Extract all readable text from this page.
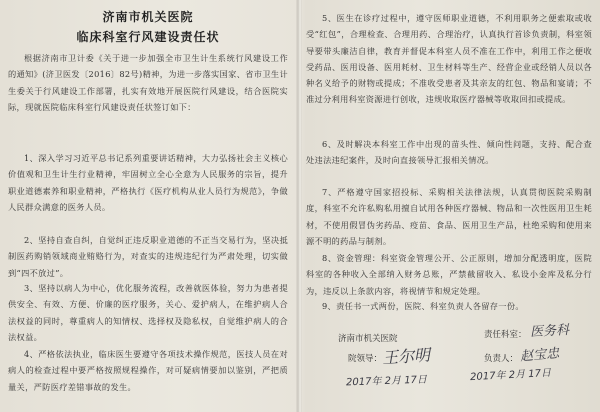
济南市机关医院
临床科室行风建设责任状
根据济南市卫计委《关于进一步加强全市卫生计生系统行风建设工作的通知》(济卫医发〔2016〕82号)精神，为进一步落实国家、省市卫生计生委关于行风建设工作部署，扎实有效地开展医院行风建设，结合医院实际，现就医院临床科室行风建设责任状签订如下：
1、深入学习习近平总书记系列重要讲话精神，大力弘扬社会主义核心价值观和卫生计生行业精神，牢固树立全心全意为人民服务的宗旨，提升职业道德素养和职业精神，严格执行《医疗机构从业人员行为规范》，争做人民群众满意的医务人员。
2、坚持自查自纠，自觉纠正违反职业道德的不正当交易行为，坚决抵制医药购销领域商业贿赂行为，对查实的违规违纪行为严肃处理，切实做到“四不放过”。
3、坚持以病人为中心，优化服务流程，改善就医体验，努力为患者提供安全、有效、方便、价廉的医疗服务，关心、爱护病人，在维护病人合法权益的同时，尊重病人的知情权、选择权及隐私权，自觉维护病人的合法权益。
4、严格依法执业，临床医生要遵守各项技术操作规范，医技人员在对病人的检查过程中要严格按照规程操作，对可疑病情要加以鉴别，严把质量关，严防医疗差错事故的发生。
5、医生在诊疗过程中，遵守医师职业道德，不利用职务之便索取或收受“红包”，合理检查、合理用药、合理治疗，认真执行首诊负责制，科室领导要带头廉洁自律，教育并督促本科室人员不准在工作中，利用工作之便收受药品、医用设备、医用耗材、卫生材料等生产、经营企业或经销人员以各种名义给予的财物或提成；不准收受患者及其亲友的红包、物品和宴请；不准过分利用科室资源进行创收，违规收取医疗器械等收取回扣或提成。
6、及时解决本科室工作中出现的苗头性、倾向性问题，支持、配合查处违法违纪案件，及时向直接领导汇报相关情况。
7、严格遵守国家招投标、采购相关法律法规，认真贯彻医院采购制度，科室不允许私购私用擅自试用各种医疗器械、物品和一次性医用卫生耗材，不使用假冒伪劣药品、疫苗、食品、医用卫生产品，杜绝采购和使用来源不明的药品与制剂。
8、资金管理：科室资金管理公开、公正原则，增加分配透明度，医院科室的各种收入全部纳入财务总账，严禁截留收入、私设小金库及私分行为，违反以上条款内容，将视情节和规定处理。
9、责任书一式两份，医院、科室负责人各留存一份。
济南市机关医院
院领导： 王尔明
2017年 2月 17日
责任科室： 医务科
负责人： 赵宝忠
2017年 2月 17日
